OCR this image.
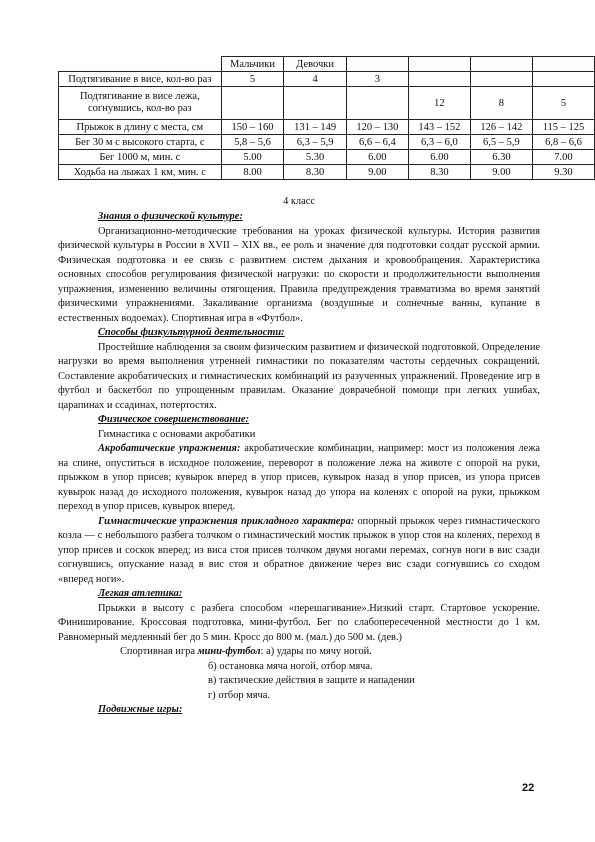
	Мальчики	Девочки				
Подтягивание в висе, кол-во раз	5	4	3			
Подтягивание в висе лежа, согнувшись, кол-во раз				12	8	5
Прыжок в длину с места, см	150 – 160	131 – 149	120 – 130	143 – 152	126 – 142	115 – 125
Бег 30 м с высокого старта, с	5,8 – 5,6	6,3 – 5,9	6,6 – 6,4	6,3 – 6,0	6,5 – 5,9	6,8 – 6,6
Бег 1000 м, мин. с	5.00	5.30	6.00	6.00	6.30	7.00
Ходьба на лыжах 1 км, мин. с	8.00	8.30	9.00	8.30	9.00	9.30
4 класс

Знания о физической культуре:

Организационно-методические требования на уроках физической культуры. История развития физической культуры в России в XVII – XIX вв., ее роль и значение для подготовки солдат русской армии. Физическая подготовка и ее связь с развитием систем дыхания и кровообращения. Характеристика основных способов регулирования физической нагрузки: по скорости и продолжительности выполнения упражнения, изменению величины отягощения. Правила предупреждения травматизма во время занятий физическими упражнениями. Закаливание организма (воздушные и солнечные ванны, купание в естественных водоемах). Спортивная игра в «Футбол».

Способы физкультурной деятельности:

Простейшие наблюдения за своим физическим развитием и физической подготовкой. Определение нагрузки во время выполнения утренней гимнастики по показателям частоты сердечных сокращений. Составление акробатических и гимнастических комбинаций из разученных упражнений. Проведение игр в футбол и баскетбол по упрощенным правилам. Оказание доврачебной помощи при легких ушибах, царапинах и ссадинах, потертостях.

Физическое совершенствование:

Гимнастика с основами акробатики

Акробатические упражнения: акробатические комбинации, например: мост из положения лежа на спине, опуститься в исходное положение, переворот в положение лежа на животе с опорой на руки, прыжком в упор присев; кувырок вперед в упор присев, кувырок назад в упор присев, из упора присев кувырок назад до исходного положения, кувырок назад до упора на коленях с опорой на руки, прыжком переход в упор присев, кувырок вперед.

Гимнастические упражнения прикладного характера: опорный прыжок через гимнастического козла — с небольшого разбега толчком о гимнастический мостик прыжок в упор стоя на коленях, переход в упор присев и соскок вперед; из виса стоя присев толчком двумя ногами перемах, согнув ноги в вис сзади согнувшись, опускание назад в вис стоя и обратное движение через вис сзади согнувшись со сходом «вперед ноги».

Легкая атлетика:

Прыжки в высоту с разбега способом «перешагивание».Низкий старт. Стартовое ускорение. Финиширование. Кроссовая подготовка, мини-футбол. Бег по слабопересеченной местности до 1 км. Равномерный медленный бег до 5 мин. Кросс до 800 м. (мал.) до 500 м. (дев.)

Спортивная игра мини-футбол: а) удары по мячу ногой.

б) остановка мяча ногой, отбор мяча.

в) тактические действия в защите и нападении

г) отбор мяча.

Подвижные игры:

22
